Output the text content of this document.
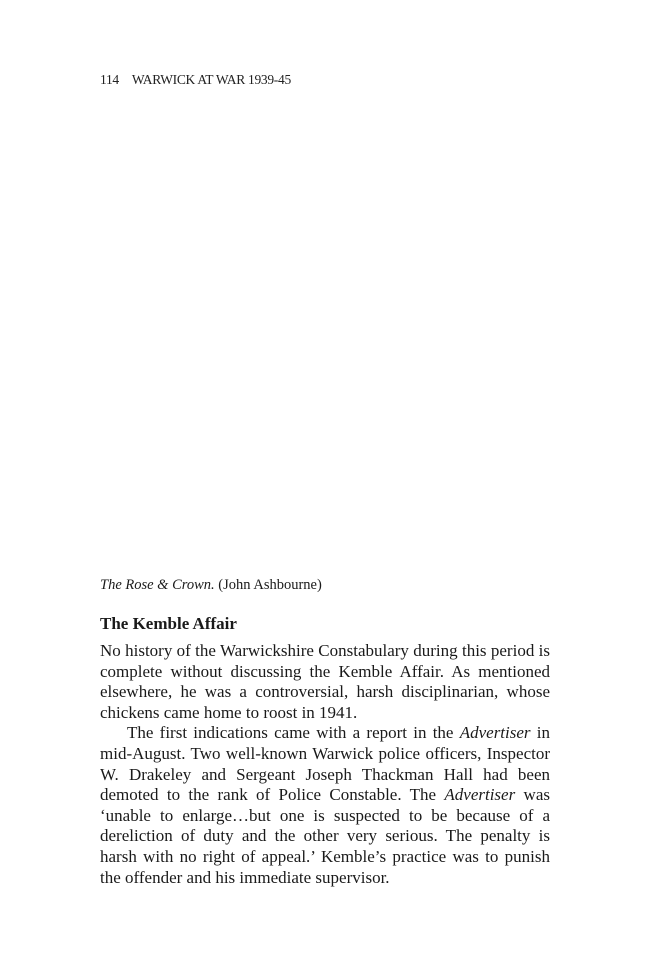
114 WARWICK AT WAR 1939-45
The Rose & Crown. (John Ashbourne)
The Kemble Affair

No history of the Warwickshire Constabulary during this period is complete without discussing the Kemble Affair. As mentioned elsewhere, he was a controversial, harsh disciplinarian, whose chickens came home to roost in 1941.

The first indications came with a report in the Advertiser in mid-August. Two well-known Warwick police officers, Inspector W. Drakeley and Sergeant Joseph Thackman Hall had been demoted to the rank of Police Constable. The Advertiser was ‘unable to enlarge…but one is suspected to be because of a dereliction of duty and the other very serious. The penalty is harsh with no right of appeal.’ Kemble’s practice was to punish the offender and his immediate supervisor.
